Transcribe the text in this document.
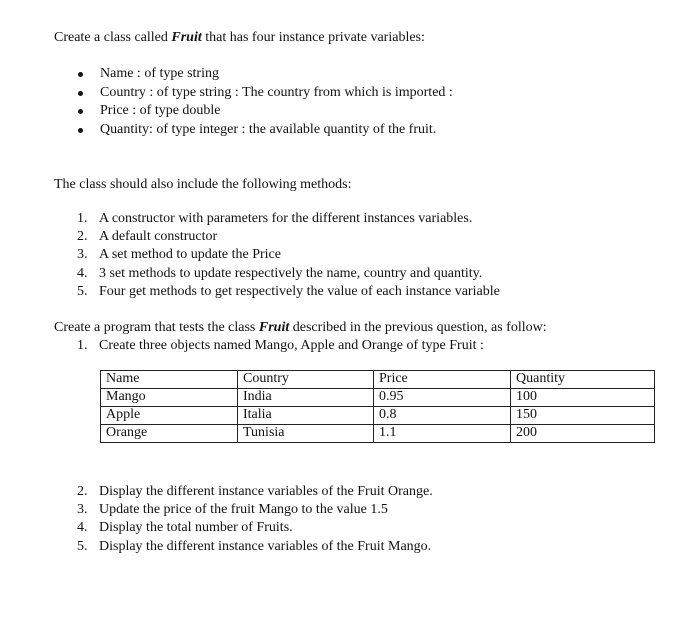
Create a class called Fruit that has four instance private variables:
Name : of type string
Country : of type string : The country from which is imported :
Price : of type double
Quantity: of type integer : the available quantity of the fruit.
The class should also include the following methods:
1. A constructor with parameters for the different instances variables.
2. A default constructor
3. A set method to update the Price
4. 3 set methods to update respectively the name, country and quantity.
5. Four get methods to get respectively the value of each instance variable
Create a program that tests the class Fruit described in the previous question, as follow:
1. Create three objects named Mango, Apple and Orange of type Fruit :
Name	Country	Price	Quantity
Mango	India	0.95	100
Apple	Italia	0.8	150
Orange	Tunisia	1.1	200
2. Display the different instance variables of the Fruit Orange.
3. Update the price of the fruit Mango to the value 1.5
4. Display the total number of Fruits.
5. Display the different instance variables of the Fruit Mango.
